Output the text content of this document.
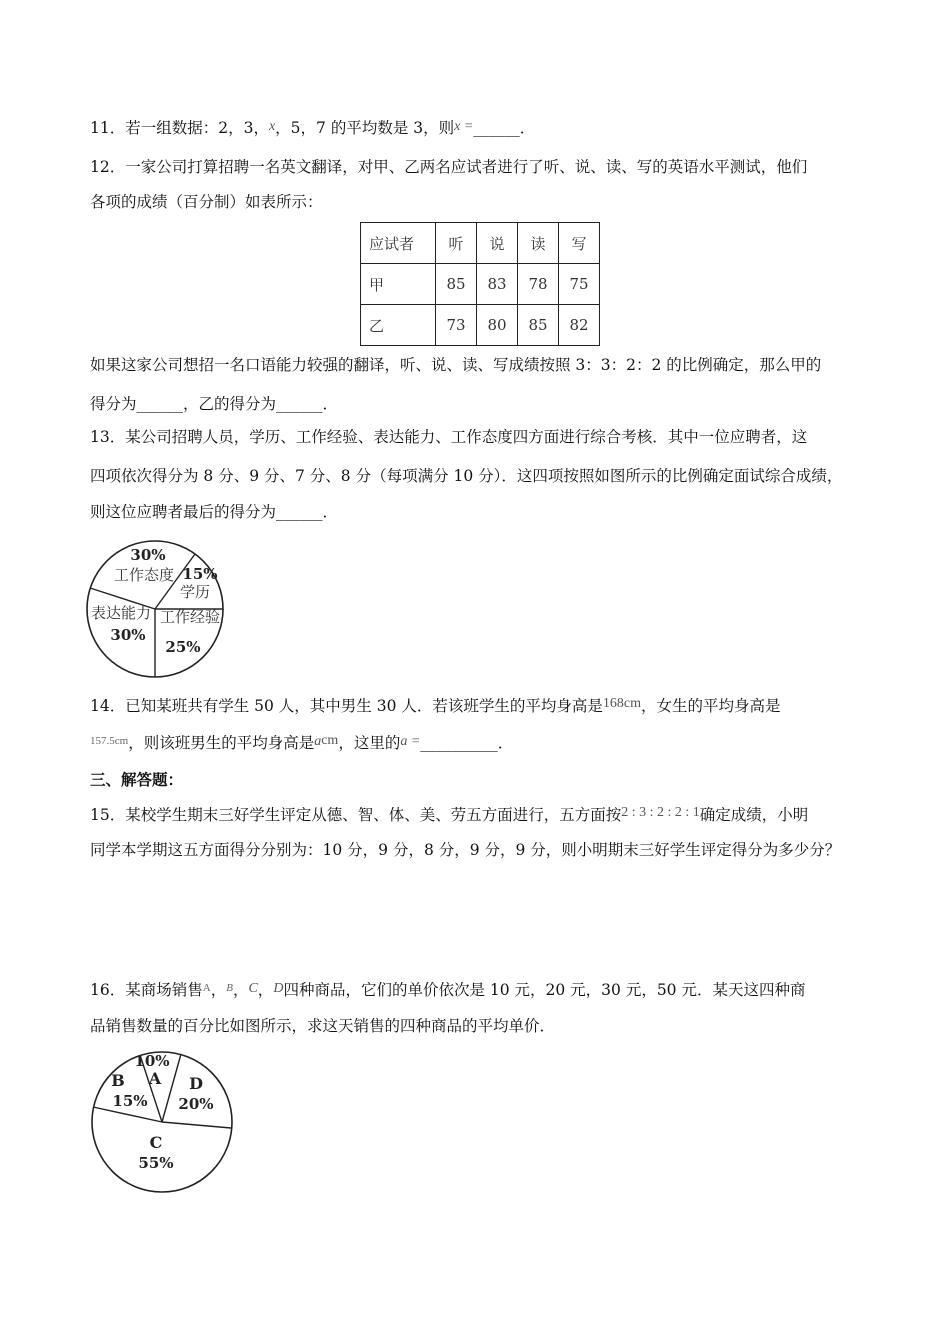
11．若一组数据：2，3，x，5，7 的平均数是 3，则x =______．
12．一家公司打算招聘一名英文翻译，对甲、乙两名应试者进行了听、说、读、写的英语水平测试，他们
各项的成绩（百分制）如表所示：
应试者	听	说	读	写
甲	85	83	78	75
乙	73	80	85	82
如果这家公司想招一名口语能力较强的翻译，听、说、读、写成绩按照 3：3：2：2 的比例确定，那么甲的
得分为______，乙的得分为______．
13．某公司招聘人员，学历、工作经验、表达能力、工作态度四方面进行综合考核．其中一位应聘者，这
四项依次得分为 8 分、9 分、7 分、8 分（每项满分 10 分）．这四项按照如图所示的比例确定面试综合成绩，
则这位应聘者最后的得分为______．
30%
工作态度 15%
学历
工作经验
25%
表达能力
30%
14．已知某班共有学生 50 人，其中男生 30 人．若该班学生的平均身高是168cm，女生的平均身高是
$^{157.5cm}$，则该班男生的平均身高是acm，这里的a =__________．
三、解答题：
15．某校学生期末三好学生评定从德、智、体、美、劳五方面进行，五方面按2 : 3 : 2 : 2 : 1确定成绩，小明
同学本学期这五方面得分分别为：10 分，9 分，8 分，9 分，9 分，则小明期末三好学生评定得分为多少分？
16．某商场销售$^A$，$^B$，C，D四种商品，它们的单价依次是 10 元，20 元，30 元，50 元．某天这四种商
品销售数量的百分比如图所示，求这天销售的四种商品的平均单价．
10%
A
B
15%
D
20%
C
55%
